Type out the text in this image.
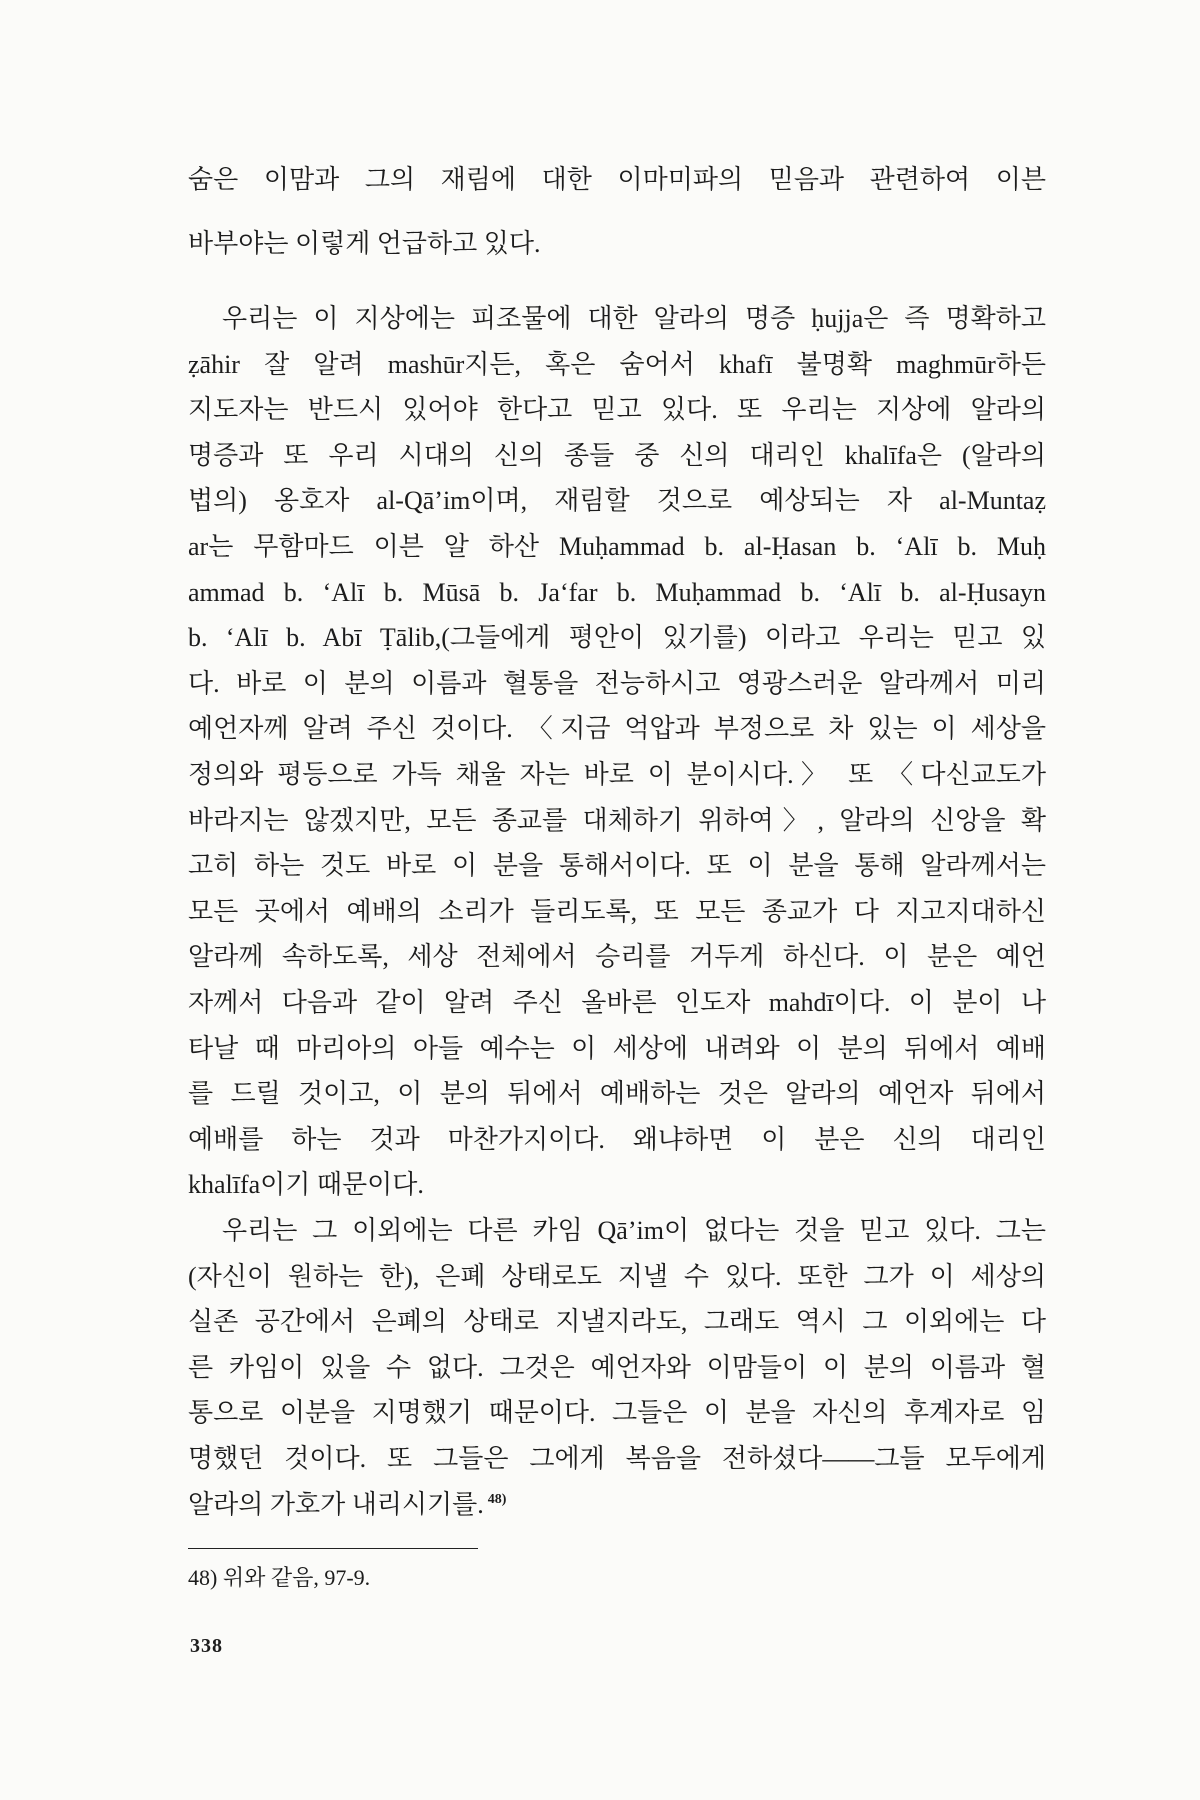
숨은 이맘과 그의 재림에 대한 이마미파의 믿음과 관련하여 이븐
바부야는 이렇게 언급하고 있다.
우리는 이 지상에는 피조물에 대한 알라의 명증 ḥujja은 즉 명확하고
ẓāhir 잘 알려 mashūr지든, 혹은 숨어서 khafī 불명확 maghmūr하든
지도자는 반드시 있어야 한다고 믿고 있다. 또 우리는 지상에 알라의
명증과 또 우리 시대의 신의 종들 중 신의 대리인 khalīfa은 (알라의
법의) 옹호자 al-Qā’im이며, 재림할 것으로 예상되는 자 al-Muntaẓ
ar는 무함마드 이븐 알 하산 Muḥammad b. al-Ḥasan b. ‘Alī b. Muḥ
ammad b. ‘Alī b. Mūsā b. Ja‘far b. Muḥammad b. ‘Alī b. al-Ḥusayn
b. ‘Alī b. Abī Ṭālib,(그들에게 평안이 있기를) 이라고 우리는 믿고 있
다. 바로 이 분의 이름과 혈통을 전능하시고 영광스러운 알라께서 미리
예언자께 알려 주신 것이다. 〈지금 억압과 부정으로 차 있는 이 세상을
정의와 평등으로 가득 채울 자는 바로 이 분이시다.〉 또 〈다신교도가
바라지는 않겠지만, 모든 종교를 대체하기 위하여〉, 알라의 신앙을 확
고히 하는 것도 바로 이 분을 통해서이다. 또 이 분을 통해 알라께서는
모든 곳에서 예배의 소리가 들리도록, 또 모든 종교가 다 지고지대하신
알라께 속하도록, 세상 전체에서 승리를 거두게 하신다. 이 분은 예언
자께서 다음과 같이 알려 주신 올바른 인도자 mahdī이다. 이 분이 나
타날 때 마리아의 아들 예수는 이 세상에 내려와 이 분의 뒤에서 예배
를 드릴 것이고, 이 분의 뒤에서 예배하는 것은 알라의 예언자 뒤에서
예배를 하는 것과 마찬가지이다. 왜냐하면 이 분은 신의 대리인
khalīfa이기 때문이다.
우리는 그 이외에는 다른 카임 Qā’im이 없다는 것을 믿고 있다. 그는
(자신이 원하는 한), 은폐 상태로도 지낼 수 있다. 또한 그가 이 세상의
실존 공간에서 은폐의 상태로 지낼지라도, 그래도 역시 그 이외에는 다
른 카임이 있을 수 없다. 그것은 예언자와 이맘들이 이 분의 이름과 혈
통으로 이분을 지명했기 때문이다. 그들은 이 분을 자신의 후계자로 임
명했던 것이다. 또 그들은 그에게 복음을 전하셨다——그들 모두에게
알라의 가호가 내리시기를. $^{48)}$
48) 위와 같음, 97-9.
338
